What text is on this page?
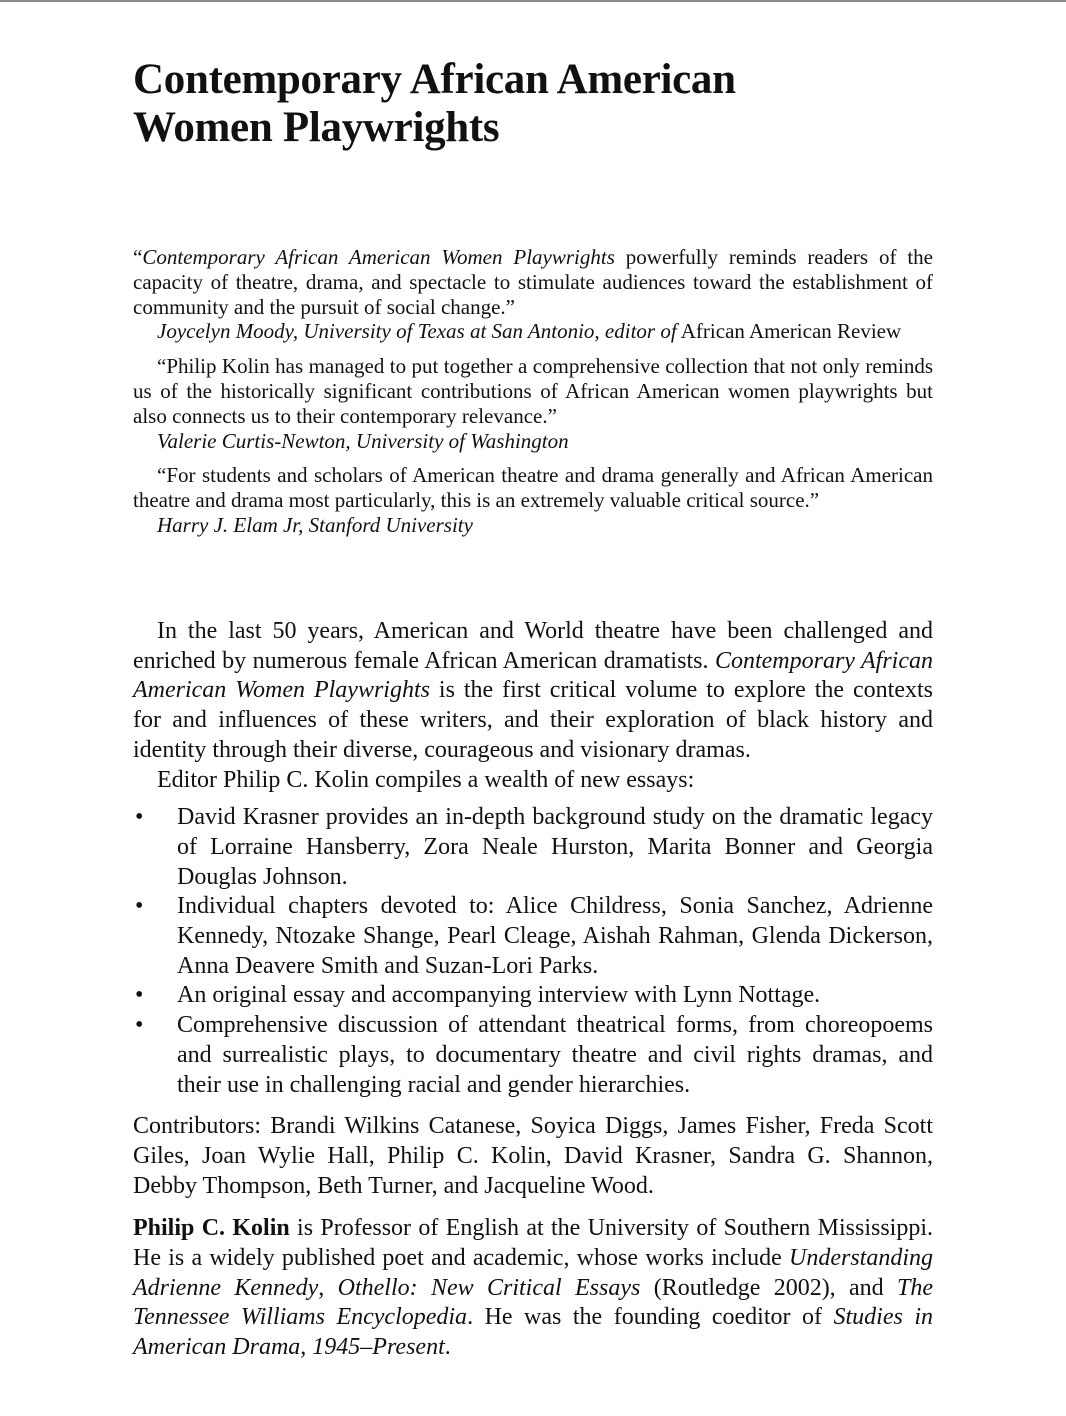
Contemporary African American
Women Playwrights

“Contemporary African American Women Playwrights powerfully reminds readers of the capacity of theatre, drama, and spectacle to stimulate audiences toward the establishment of community and the pursuit of social change.”

Joycelyn Moody, University of Texas at San Antonio, editor of African American Review

“Philip Kolin has managed to put together a comprehensive collection that not only reminds us of the historically significant contributions of African American women playwrights but also connects us to their contemporary relevance.”

Valerie Curtis-Newton, University of Washington

“For students and scholars of American theatre and drama generally and African American theatre and drama most particularly, this is an extremely valuable critical source.”

Harry J. Elam Jr, Stanford University

In the last 50 years, American and World theatre have been challenged and enriched by numerous female African American dramatists. Contemporary African American Women Playwrights is the first critical volume to explore the contexts for and influences of these writers, and their exploration of black history and identity through their diverse, courageous and visionary dramas.

Editor Philip C. Kolin compiles a wealth of new essays:

• David Krasner provides an in-depth background study on the dramatic legacy of Lorraine Hansberry, Zora Neale Hurston, Marita Bonner and Georgia Douglas Johnson.
• Individual chapters devoted to: Alice Childress, Sonia Sanchez, Adrienne Kennedy, Ntozake Shange, Pearl Cleage, Aishah Rahman, Glenda Dickerson, Anna Deavere Smith and Suzan-Lori Parks.
• An original essay and accompanying interview with Lynn Nottage.
• Comprehensive discussion of attendant theatrical forms, from choreopoems and surrealistic plays, to documentary theatre and civil rights dramas, and their use in challenging racial and gender hierarchies.

Contributors: Brandi Wilkins Catanese, Soyica Diggs, James Fisher, Freda Scott Giles, Joan Wylie Hall, Philip C. Kolin, David Krasner, Sandra G. Shannon, Debby Thompson, Beth Turner, and Jacqueline Wood.

Philip C. Kolin is Professor of English at the University of Southern Mississippi. He is a widely published poet and academic, whose works include Understanding Adrienne Kennedy, Othello: New Critical Essays (Routledge 2002), and The Tennessee Williams Encyclopedia. He was the founding coeditor of Studies in American Drama, 1945–Present.
